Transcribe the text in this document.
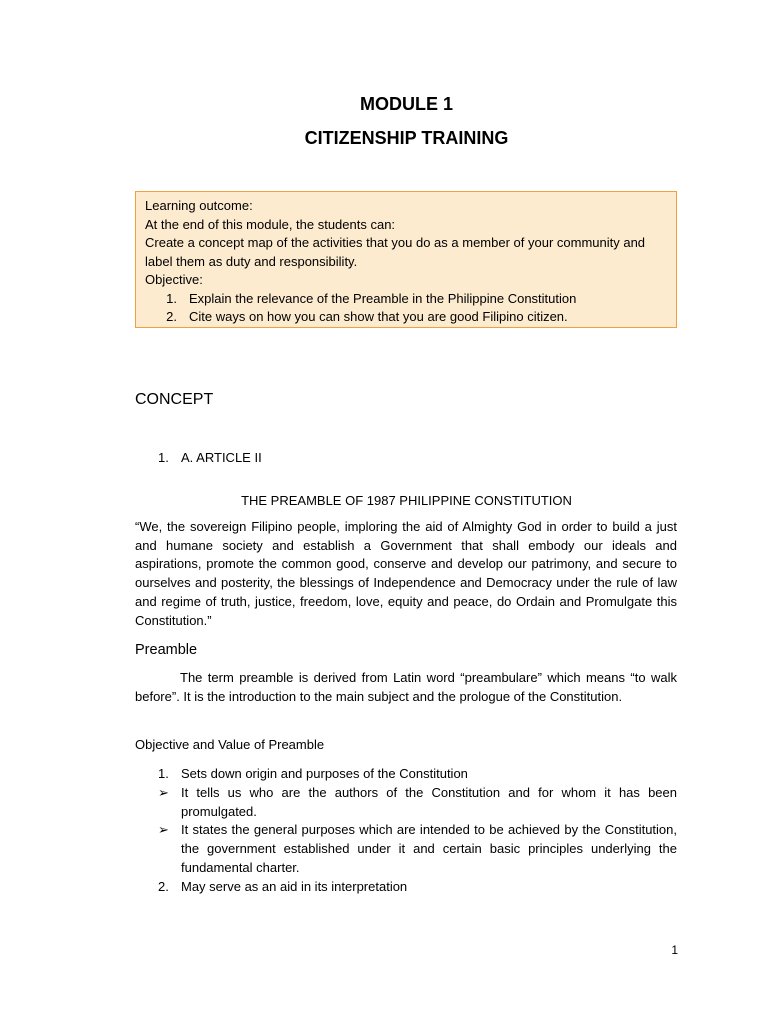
MODULE 1
CITIZENSHIP TRAINING
Learning outcome:
At the end of this module, the students can:
Create a concept map of the activities that you do as a member of your community and label them as duty and responsibility.
Objective:
1. Explain the relevance of the Preamble in the Philippine Constitution
2. Cite ways on how you can show that you are good Filipino citizen.
CONCEPT
1. A. ARTICLE II
THE PREAMBLE OF 1987 PHILIPPINE CONSTITUTION
“We, the sovereign Filipino people, imploring the aid of Almighty God in order to build a just and humane society and establish a Government that shall embody our ideals and aspirations, promote the common good, conserve and develop our patrimony, and secure to ourselves and posterity, the blessings of Independence and Democracy under the rule of law and regime of truth, justice, freedom, love, equity and peace, do Ordain and Promulgate this Constitution.”
Preamble
The term preamble is derived from Latin word “preambulare” which means “to walk before”. It is the introduction to the main subject and the prologue of the Constitution.
Objective and Value of Preamble
1. Sets down origin and purposes of the Constitution
➢ It tells us who are the authors of the Constitution and for whom it has been promulgated.
➢ It states the general purposes which are intended to be achieved by the Constitution, the government established under it and certain basic principles underlying the fundamental charter.
2. May serve as an aid in its interpretation
1
